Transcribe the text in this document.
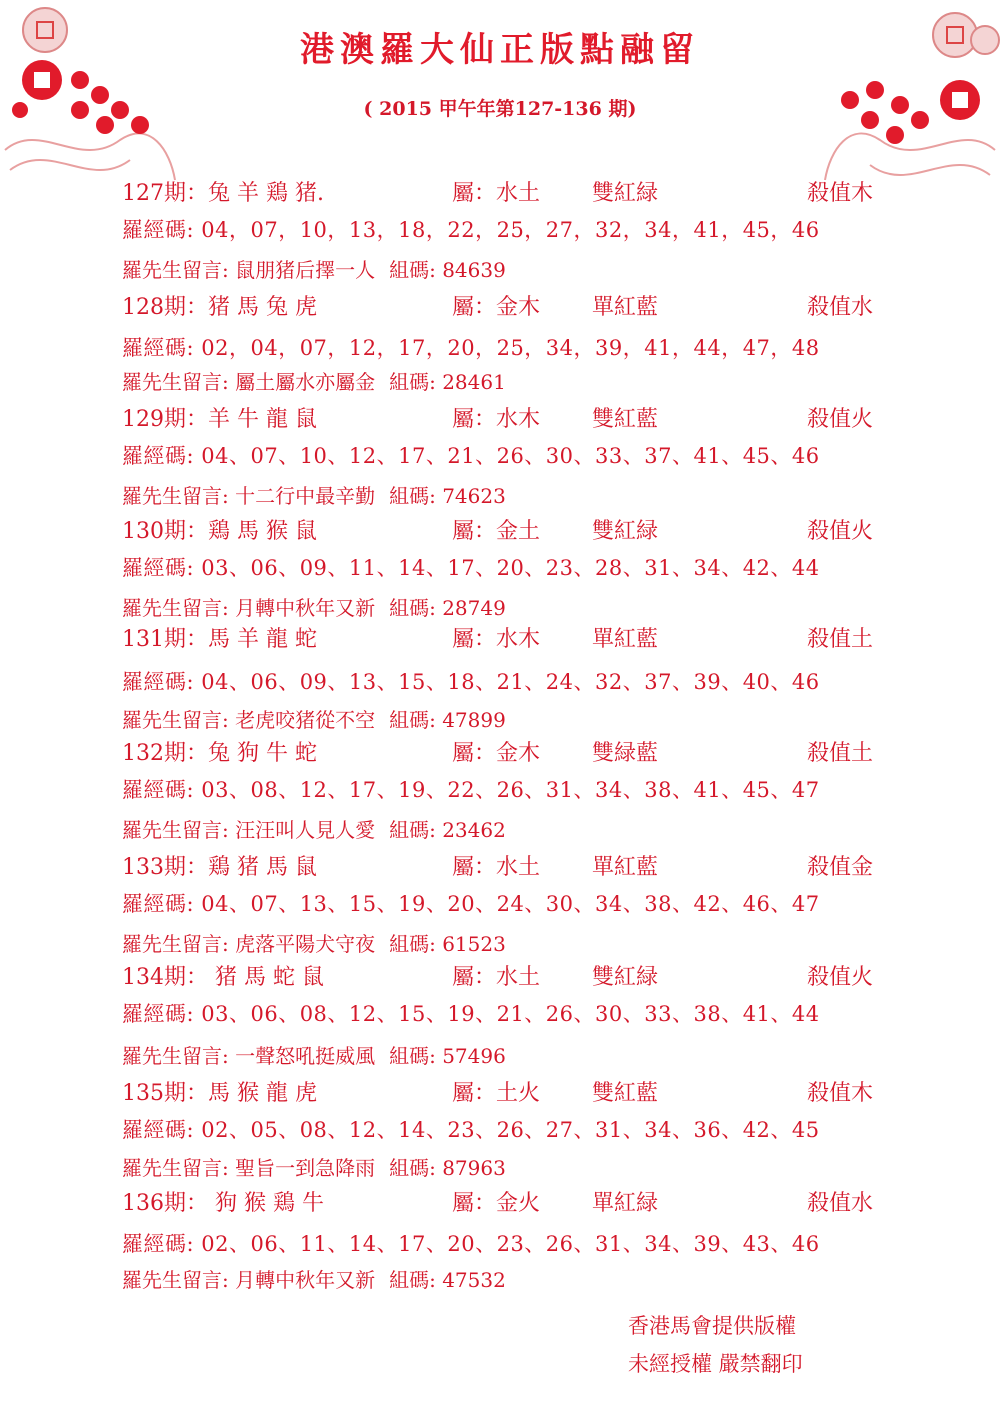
港澳羅大仙正版點融留
( 2015 甲午年第127-136 期)
127期：兔 羊 鶏 猪.	屬：水土 雙紅緑	殺值木
羅經碼: 04，07，10，13，18，22，25，27，32，34，41，45，46
羅先生留言: 鼠朋猪后擇一人 組碼: 84639
128期：猪 馬 兔 虎	屬：金木 單紅藍	殺值水
羅經碼: 02，04，07，12，17，20，25，34，39，41，44，47，48
羅先生留言: 屬土屬水亦屬金 組碼: 28461
129期：羊 牛 龍 鼠	屬：水木 雙紅藍	殺值火
羅經碼: 04、07、10、12、17、21、26、30、33、37、41、45、46
羅先生留言: 十二行中最辛勤 組碼: 74623
130期：鶏 馬 猴 鼠	屬：金土 雙紅緑	殺值火
羅經碼: 03、06、09、11、14、17、20、23、28、31、34、42、44
羅先生留言: 月轉中秋年又新 組碼: 28749
131期：馬 羊 龍 蛇	屬：水木 單紅藍	殺值土
羅經碼: 04、06、09、13、15、18、21、24、32、37、39、40、46
羅先生留言: 老虎咬猪從不空 組碼: 47899
132期：兔 狗 牛 蛇	屬：金木 雙緑藍	殺值土
羅經碼: 03、08、12、17、19、22、26、31、34、38、41、45、47
羅先生留言: 汪汪叫人見人愛 組碼: 23462
133期：鶏 猪 馬 鼠	屬：水土 單紅藍	殺值金
羅經碼: 04、07、13、15、19、20、24、30、34、38、42、46、47
羅先生留言: 虎落平陽犬守夜 組碼: 61523
134期： 猪 馬 蛇 鼠	屬：水土 雙紅緑	殺值火
羅經碼: 03、06、08、12、15、19、21、26、30、33、38、41、44
羅先生留言: 一聲怒吼挺威風 組碼: 57496
135期：馬 猴 龍 虎	屬：土火 雙紅藍	殺值木
羅經碼: 02、05、08、12、14、23、26、27、31、34、36、42、45
羅先生留言: 聖旨一到急降雨 組碼: 87963
136期： 狗 猴 鶏 牛	屬：金火 單紅緑	殺值水
羅經碼: 02、06、11、14、17、20、23、26、31、34、39、43、46
羅先生留言: 月轉中秋年又新 組碼: 47532
香港馬會提供版權
未經授權 嚴禁翻印
